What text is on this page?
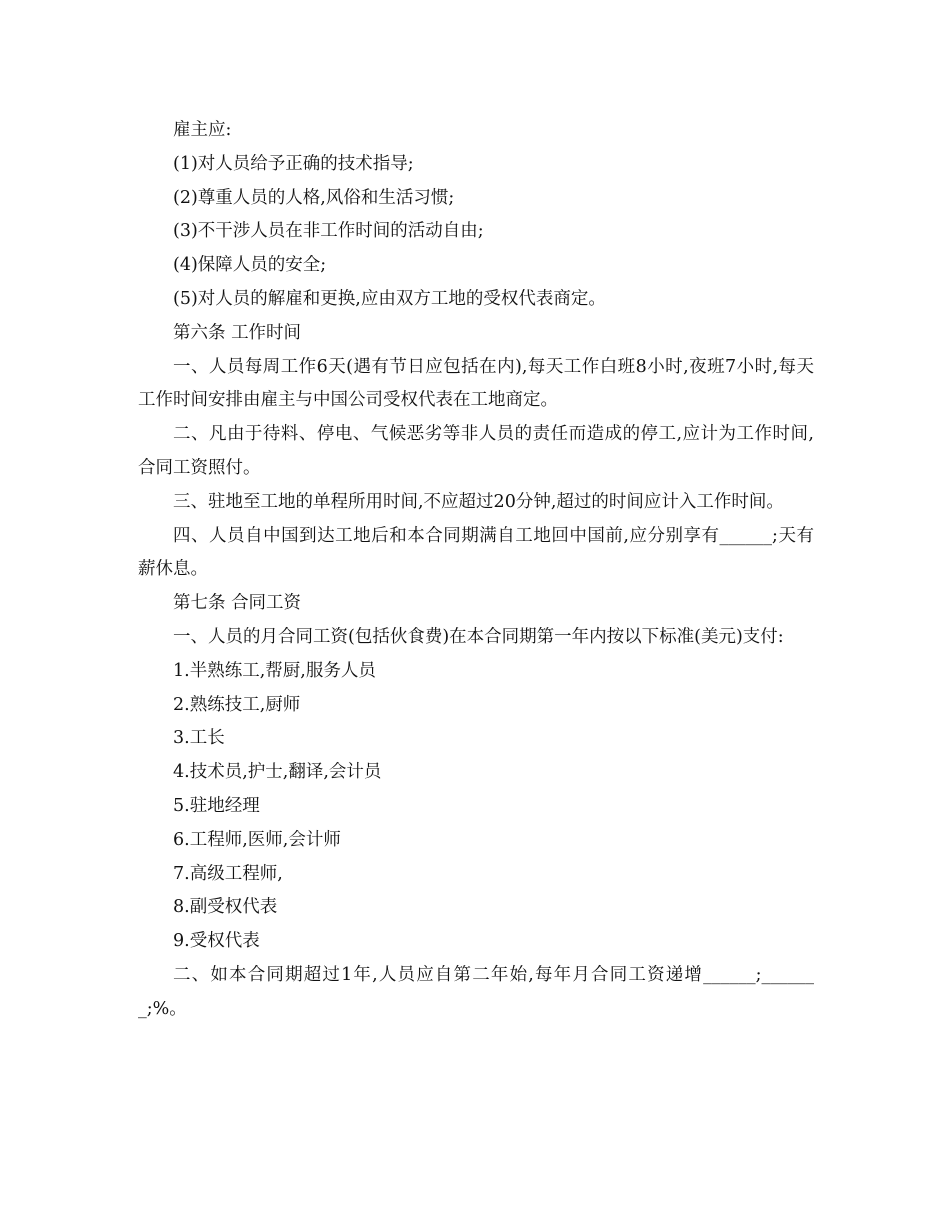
雇主应:

(1)对人员给予正确的技术指导;

(2)尊重人员的人格,风俗和生活习惯;

(3)不干涉人员在非工作时间的活动自由;

(4)保障人员的安全;

(5)对人员的解雇和更换,应由双方工地的受权代表商定。

第六条 工作时间

一、人员每周工作6天(遇有节日应包括在内),每天工作白班8小时,夜班7小时,每天工作时间安排由雇主与中国公司受权代表在工地商定。

二、凡由于待料、停电、气候恶劣等非人员的责任而造成的停工,应计为工作时间,合同工资照付。

三、驻地至工地的单程所用时间,不应超过20分钟,超过的时间应计入工作时间。

四、人员自中国到达工地后和本合同期满自工地回中国前,应分别享有______;天有薪休息。

第七条 合同工资

一、人员的月合同工资(包括伙食费)在本合同期第一年内按以下标准(美元)支付:

1.半熟练工,帮厨,服务人员

2.熟练技工,厨师

3.工长

4.技术员,护士,翻译,会计员

5.驻地经理

6.工程师,医师,会计师

7.高级工程师,

8.副受权代表

9.受权代表

二、如本合同期超过1年,人员应自第二年始,每年月合同工资递增______;_______;%。
